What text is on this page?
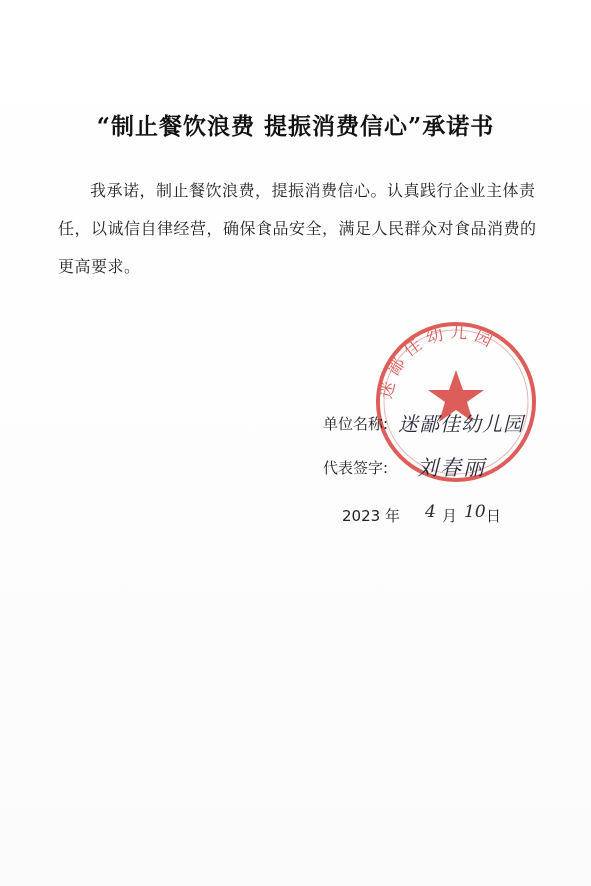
“制止餐饮浪费 提振消费信心”承诺书
我承诺，制止餐饮浪费，提振消费信心。认真践行企业主体责任，以诚信自律经营，确保食品安全，满足人民群众对食品消费的更高要求。
迷鄙佳幼儿园
单位名称: 迷鄙佳幼儿园
代表签字: 刘春丽
2023 年 4 月 10 日
